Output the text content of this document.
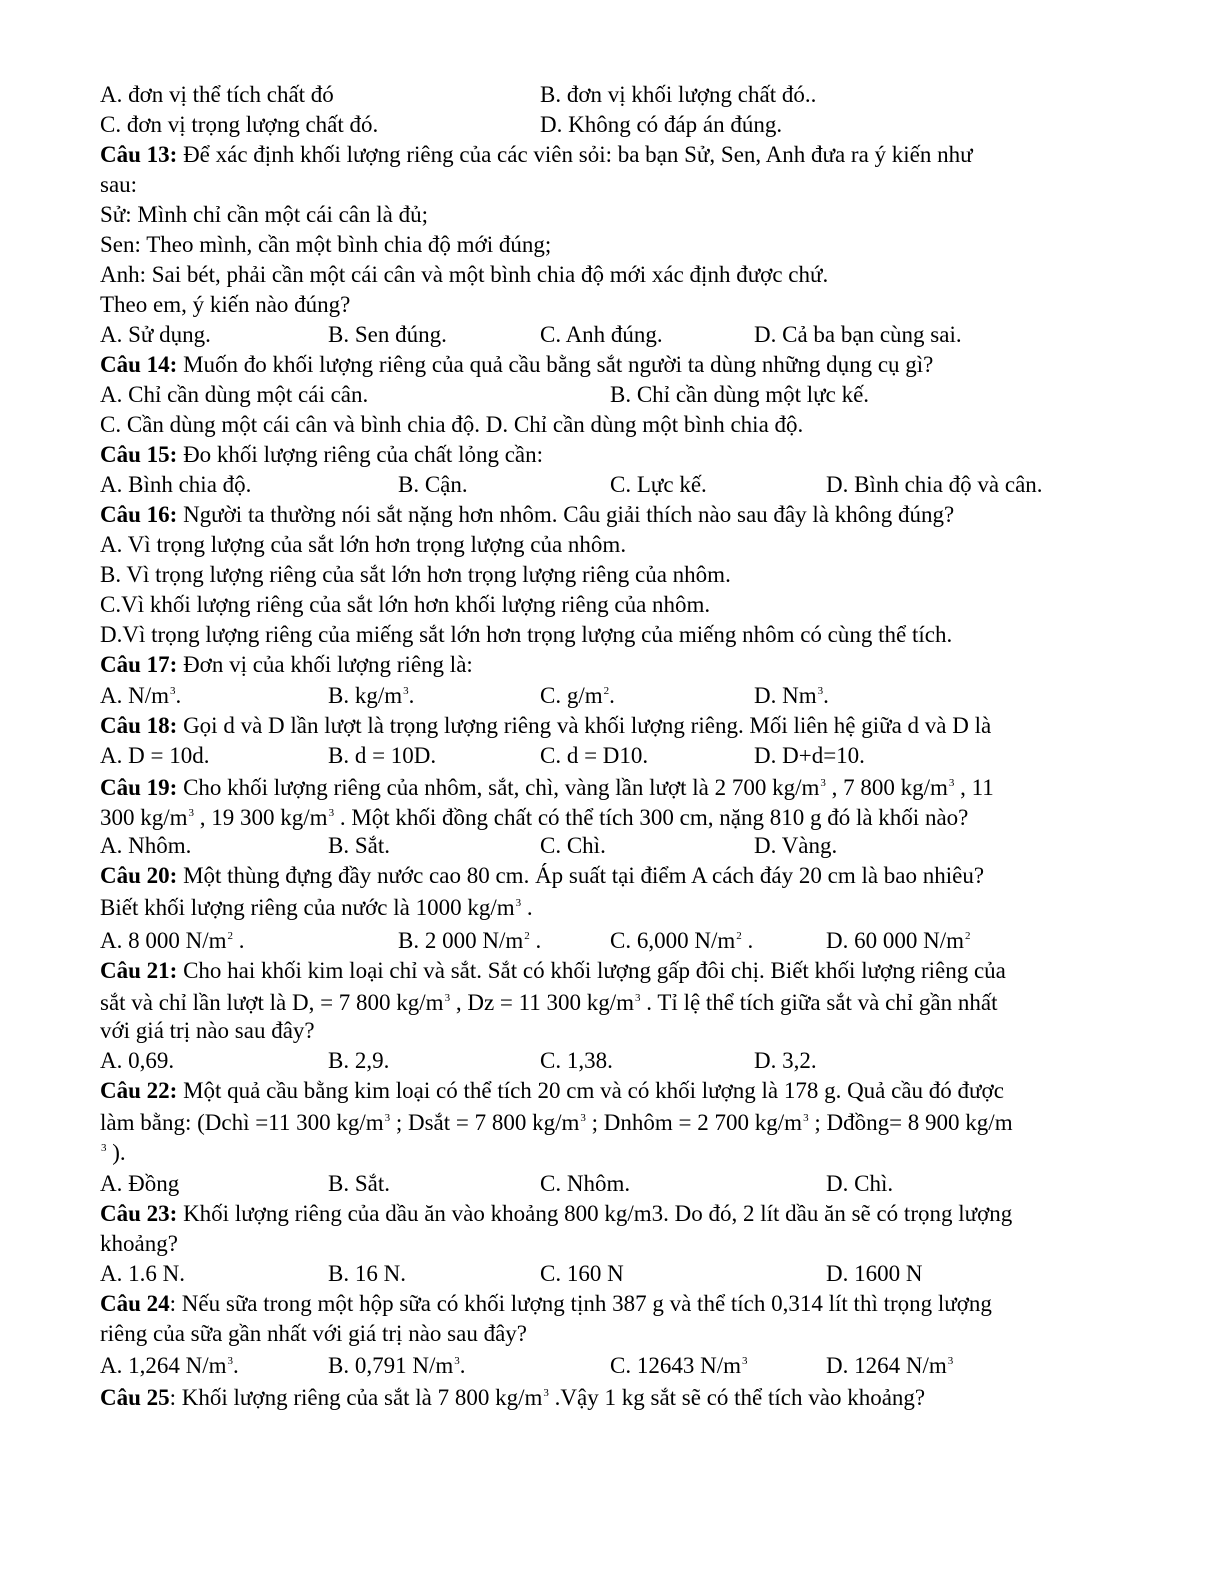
A. đơn vị thể tích chất đó	B. đơn vị khối lượng chất đó..
C. đơn vị trọng lượng chất đó.	D. Không có đáp án đúng.
Câu 13: Để xác định khối lượng riêng của các viên sỏi: ba bạn Sử, Sen, Anh đưa ra ý kiến như
sau:
Sử: Mình chỉ cần một cái cân là đủ;
Sen: Theo mình, cần một bình chia độ mới đúng;
Anh: Sai bét, phải cần một cái cân và một bình chia độ mới xác định được chứ.
Theo em, ý kiến nào đúng?
A. Sử dụng.	B. Sen đúng.	C. Anh đúng.	D. Cả ba bạn cùng sai.
Câu 14: Muốn đo khối lượng riêng của quả cầu bằng sắt người ta dùng những dụng cụ gì?
A. Chỉ cần dùng một cái cân.	B. Chỉ cần dùng một lực kế.
C. Cần dùng một cái cân và bình chia độ. D. Chỉ cần dùng một bình chia độ.
Câu 15: Đo khối lượng riêng của chất lỏng cần:
A. Bình chia độ.	B. Cận.	C. Lực kế.	D. Bình chia độ và cân.
Câu 16: Người ta thường nói sắt nặng hơn nhôm. Câu giải thích nào sau đây là không đúng?
A. Vì trọng lượng của sắt lớn hơn trọng lượng của nhôm.
B. Vì trọng lượng riêng của sắt lớn hơn trọng lượng riêng của nhôm.
C.Vì khối lượng riêng của sắt lớn hơn khối lượng riêng của nhôm.
D.Vì trọng lượng riêng của miếng sắt lớn hơn trọng lượng của miếng nhôm có cùng thể tích.
Câu 17: Đơn vị của khối lượng riêng là:
A. $N/m^3$.	B. $kg/m^3$.	C. $g/m^2$.	D. Nm$^3$.
Câu 18: Gọi d và D lần lượt là trọng lượng riêng và khối lượng riêng. Mối liên hệ giữa d và D là
A. D = 10d.	B. d = 10D.	C. d = D10.	D. D+d=10.
Câu 19: Cho khối lượng riêng của nhôm, sắt, chì, vàng lần lượt là 2 700 $kg/m^3$ , 7 800 $kg/m^3$ , 11
300 $kg/m^3$ , 19 300 $kg/m^3$ . Một khối đồng chất có thể tích 300 cm, nặng 810 g đó là khối nào?
A. Nhôm.	B. Sắt.	C. Chì.	D. Vàng.
Câu 20: Một thùng đựng đầy nước cao 80 cm. Áp suất tại điểm A cách đáy 20 cm là bao nhiêu?
Biết khối lượng riêng của nước là 1000 $kg/m^3$ .
A. 8 000 $N/m^2$ .	B. 2 000 $N/m^2$ .	C. 6,000 $N/m^2$ .	D. 60 000 $N/m^2$
Câu 21: Cho hai khối kim loại chỉ và sắt. Sắt có khối lượng gấp đôi chị. Biết khối lượng riêng của
sắt và chỉ lần lượt là D, = 7 800 $kg/m^3$ , Dz = 11 300 $kg/m^3$ . Tỉ lệ thể tích giữa sắt và chỉ gần nhất
với giá trị nào sau đây?
A. 0,69.	B. 2,9.	C. 1,38.	D. 3,2.
Câu 22: Một quả cầu bằng kim loại có thể tích 20 cm và có khối lượng là 178 g. Quả cầu đó được
làm bằng: (Dchì =11 300 $kg/m^3$ ; Dsắt = 7 800 $kg/m^3$ ; Dnhôm = 2 700 $kg/m^3$ ; Dđồng= 8 900 kg/m
$^3$ ).
A. Đồng	B. Sắt.	C. Nhôm.	D. Chì.
Câu 23: Khối lượng riêng của dầu ăn vào khoảng 800 kg/m3. Do đó, 2 lít dầu ăn sẽ có trọng lượng
khoảng?
A. 1.6 N.	B. 16 N.	C. 160 N	D. 1600 N
Câu 24: Nếu sữa trong một hộp sữa có khối lượng tịnh 387 g và thể tích 0,314 lít thì trọng lượng
riêng của sữa gần nhất với giá trị nào sau đây?
A. 1,264 $N/m^3$.	B. 0,791 $N/m^3$.	C. 12643 $N/m^3$	D. 1264 $N/m^3$
Câu 25: Khối lượng riêng của sắt là 7 800 $kg/m^3$ .Vậy 1 kg sắt sẽ có thể tích vào khoảng?
